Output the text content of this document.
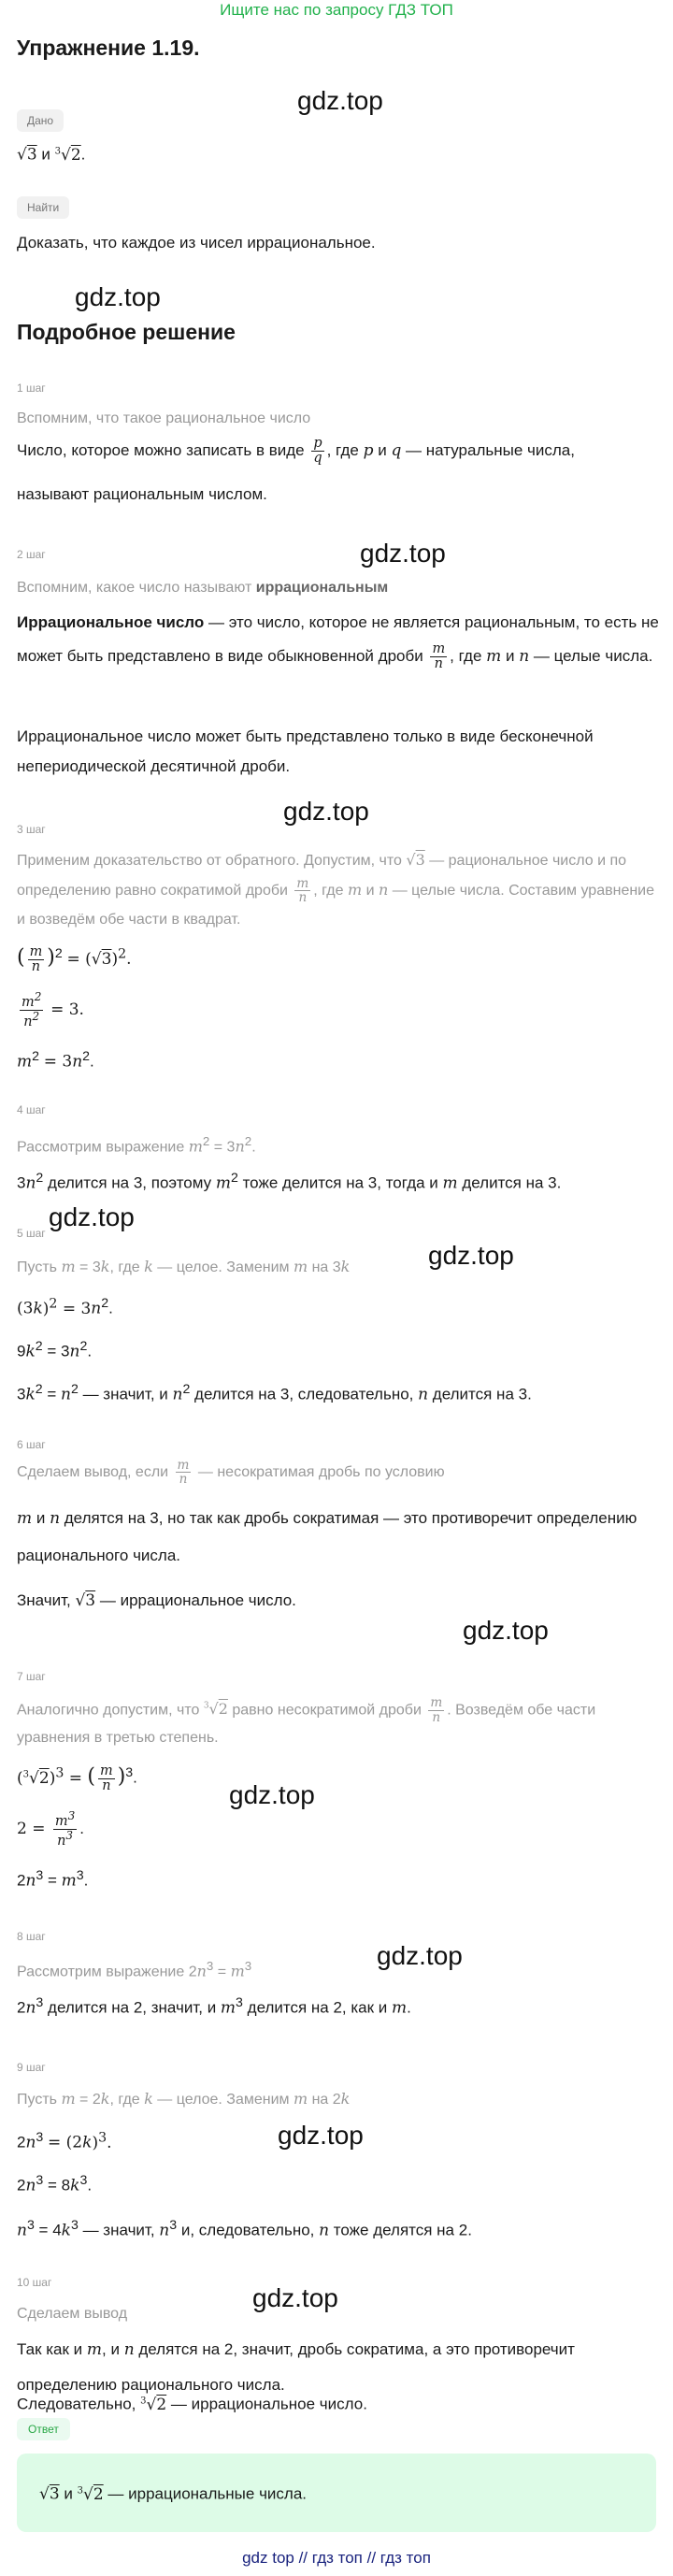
Ищите нас по запросу ГДЗ ТОП
Упражнение 1.19.
gdz.top
gdz.top
gdz.top
gdz.top
gdz.top
gdz.top
gdz.top
gdz.top
gdz.top
gdz.top
gdz.top
Дано
√3 и $^3$√2.
Найти
Доказать, что каждое из чисел иррациональное.
Подробное решение
1 шаг
Вспомним, что такое рациональное число
Число, которое можно записать в виде $\frac{p}{q}$ , где p и q — натуральные числа,
называют рациональным числом.
2 шаг
Вспомним, какое число называют иррациональным
Иррациональное число — это число, которое не является рациональным, то есть не может быть представлено в виде обыкновенной дроби $\frac{m}{n}$ , где m и n — целые числа.
Иррациональное число может быть представлено только в виде бесконечной непериодической десятичной дроби.
3 шаг
Применим доказательство от обратного. Допустим, что √3 — рациональное число и по определению равно сократимой дроби $\frac{m}{n}$ , где m и n — целые числа. Составим уравнение и возведём обе части в квадрат.
( $\frac{m}{n} )^2 = (√3)^2$.
$\frac{m^2}{n^2} = 3$.
$m^2 = 3n^2$.
4 шаг
Рассмотрим выражение $m^2 = 3n^2$.
$3n^2$ делится на 3, поэтому $m^2$ тоже делится на 3, тогда и m делится на 3.
5 шаг
Пусть m = 3k, где k — целое. Заменим m на 3k
$(3k)^2 = 3n^2$.
$9k^2 = 3n^2$.
$3k^2 = n^2$ — значит, и $n^2$ делится на 3, следовательно, n делится на 3.
6 шаг
Сделаем вывод, если $\frac{m}{n}$ — несократимая дробь по условию
m и n делятся на 3, но так как дробь сократимая — это противоречит определению рационального числа.
Значит, √3 — иррациональное число.
7 шаг
Аналогично допустим, что $^3$√2 равно несократимой дроби $\frac{m}{n}$ . Возведём обе части уравнения в третью степень.
$(^3√2)^3$ = ( $\frac{m}{n} )^3$.
$2 = \frac{m^3}{n^3}$ .
$2n^3 = m^3$.
8 шаг
Рассмотрим выражение $2n^3 = m^3$
$2n^3$ делится на 2, значит, и $m^3$ делится на 2, как и m.
9 шаг
Пусть m = 2k, где k — целое. Заменим m на 2k
$2n^3 = (2k)^3$.
$2n^3 = 8k^3$.
$n^3 = 4k^3$ — значит, $n^3$ и, следовательно, n тоже делятся на 2.
10 шаг
Сделаем вывод
Так как и m, и n делятся на 2, значит, дробь сократима, а это противоречит определению рационального числа.
Следовательно, $^3$√2 — иррациональное число.
Ответ
√3 и $^3$√2 — иррациональные числа.
gdz top // гдз топ // гдз топ
